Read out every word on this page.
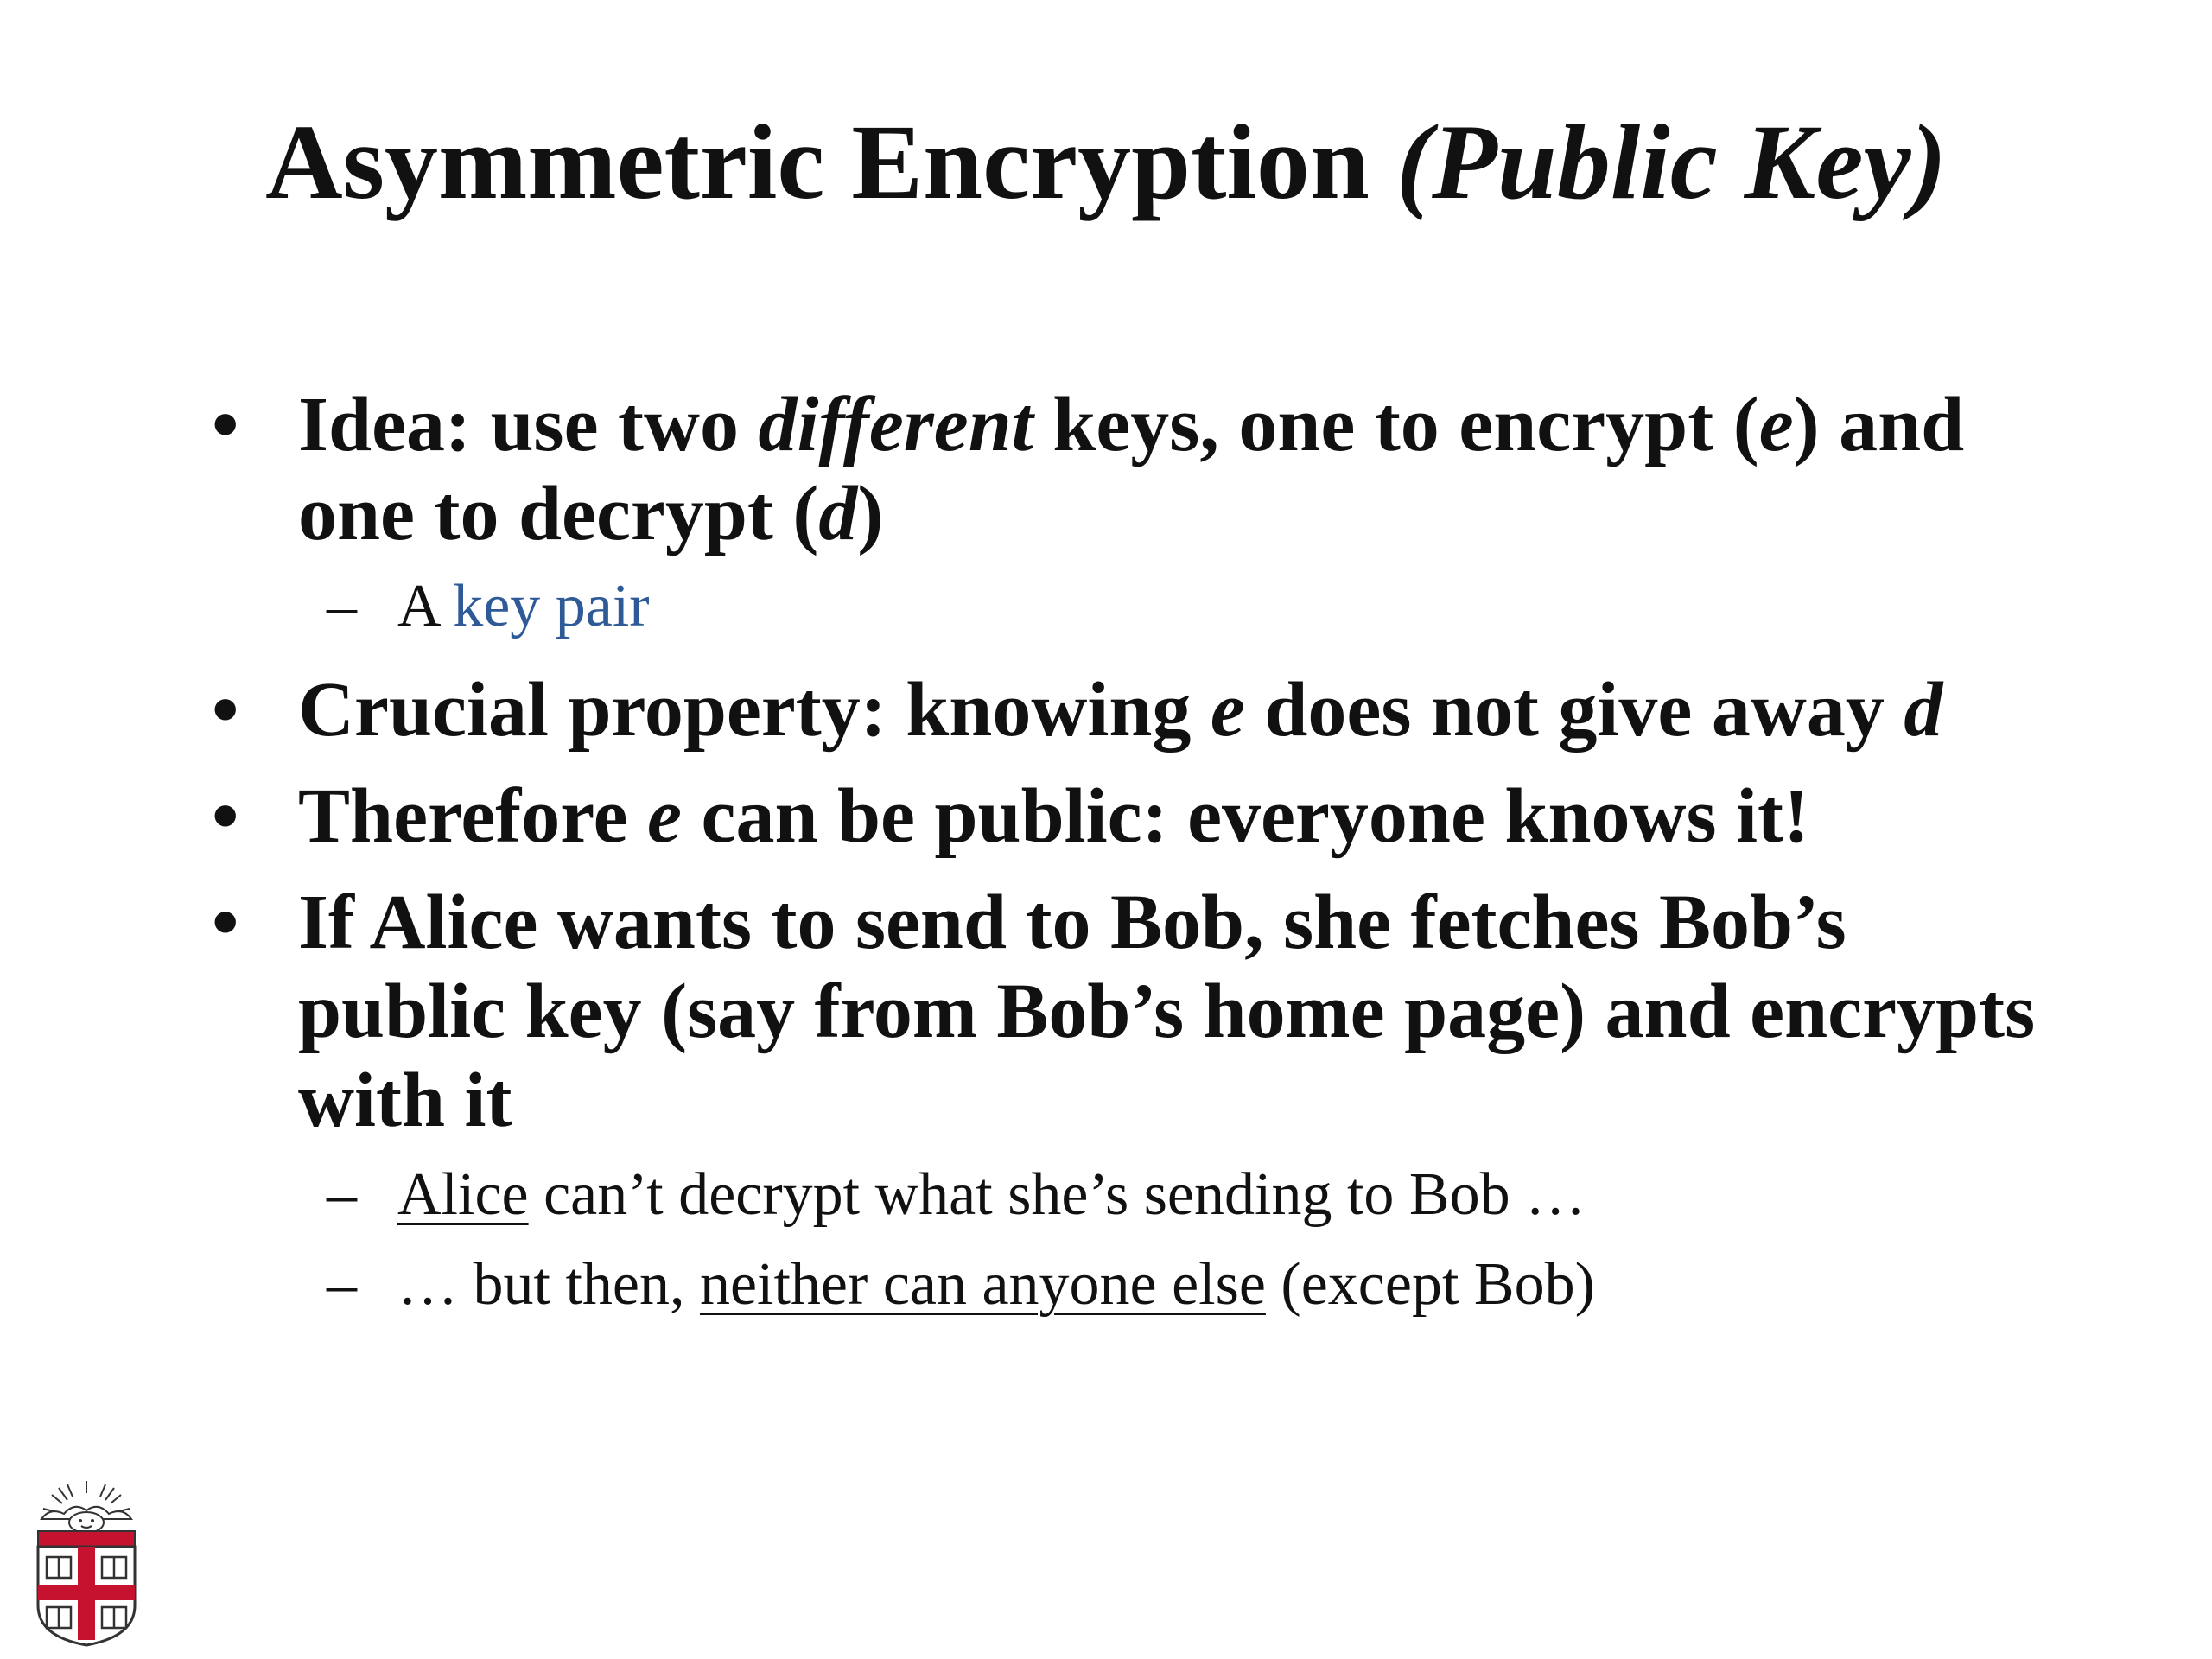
Asymmetric Encryption (Public Key)
• Idea: use two different keys, one to encrypt (e) and one to decrypt (d)
– A key pair
• Crucial property: knowing e does not give away d
• Therefore e can be public: everyone knows it!
• If Alice wants to send to Bob, she fetches Bob’s public key (say from Bob’s home page) and encrypts with it
– Alice can’t decrypt what she’s sending to Bob …
– … but then, neither can anyone else (except Bob)
